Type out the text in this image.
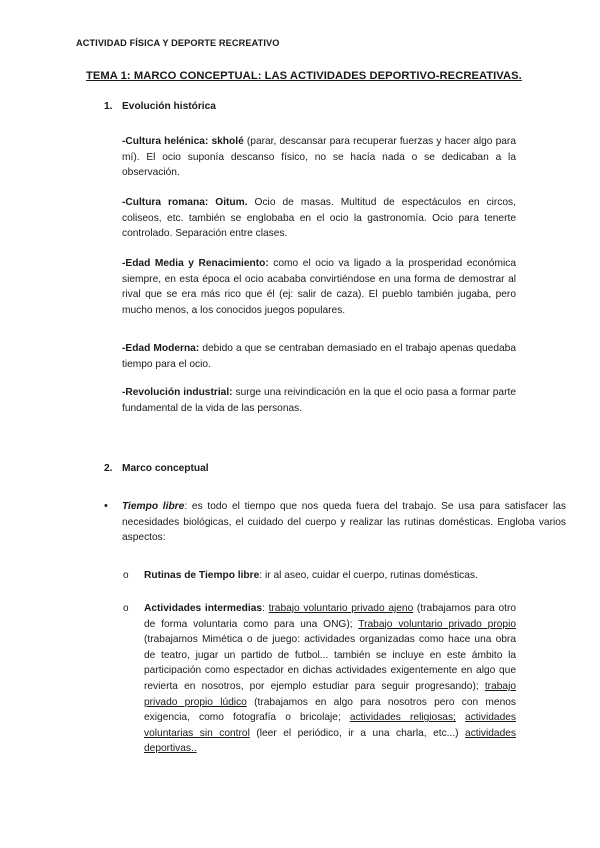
ACTIVIDAD FÍSICA Y DEPORTE RECREATIVO
TEMA 1: MARCO CONCEPTUAL: LAS ACTIVIDADES DEPORTIVO-RECREATIVAS.
1. Evolución histórica

-Cultura helénica: skholé (parar, descansar para recuperar fuerzas y hacer algo para mí). El ocio suponía descanso físico, no se hacía nada o se dedicaban a la observación.

-Cultura romana: Oitum. Ocio de masas. Multitud de espectáculos en circos, coliseos, etc. también se englobaba en el ocio la gastronomía. Ocio para tenerte controlado. Separación entre clases.

-Edad Media y Renacimiento: como el ocio va ligado a la prosperidad económica siempre, en esta época el ocio acababa convirtiéndose en una forma de demostrar al rival que se era más rico que él (ej: salir de caza). El pueblo también jugaba, pero mucho menos, a los conocidos juegos populares.

-Edad Moderna: debido a que se centraban demasiado en el trabajo apenas quedaba tiempo para el ocio.

-Revolución industrial: surge una reivindicación en la que el ocio pasa a formar parte fundamental de la vida de las personas.

2. Marco conceptual
• Tiempo libre: es todo el tiempo que nos queda fuera del trabajo. Se usa para satisfacer las necesidades biológicas, el cuidado del cuerpo y realizar las rutinas domésticas. Engloba varios aspectos:

o Rutinas de Tiempo libre: ir al aseo, cuidar el cuerpo, rutinas domésticas.

o Actividades intermedias: trabajo voluntario privado ajeno (trabajamos para otro de forma voluntaria como para una ONG); Trabajo voluntario privado propio (trabajamos Mimética o de juego: actividades organizadas como hace una obra de teatro, jugar un partido de futbol... también se incluye en este ámbito la participación como espectador en dichas actividades exigentemente en algo que revierta en nosotros, por ejemplo estudiar para seguir progresando); trabajo privado propio lúdico (trabajamos en algo para nosotros pero con menos exigencia, como fotografía o bricolaje; actividades religiosas; actividades voluntarias sin control (leer el periódico, ir a una charla, etc...) actividades deportivas..
